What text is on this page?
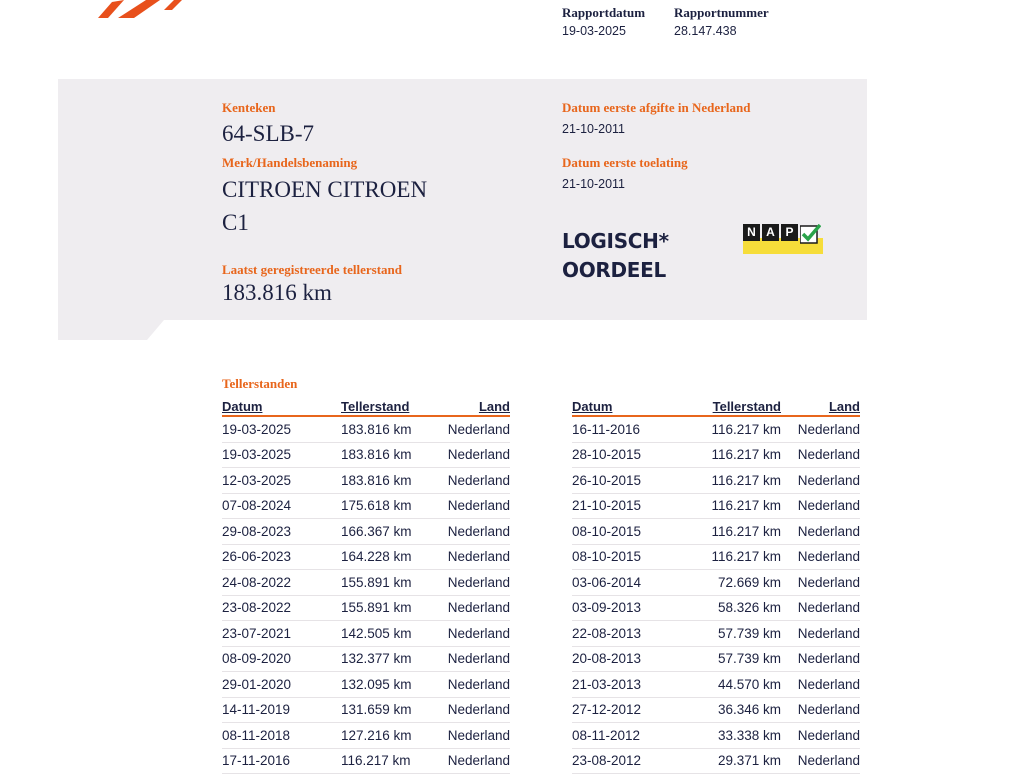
Rapportdatum
19-03-2025
Rapportnummer
28.147.438
Kenteken
64-SLB-7
Merk/Handelsbenaming
CITROEN CITROEN
C1
Laatst geregistreerde tellerstand
183.816 km
Datum eerste afgifte in Nederland
21-10-2011
Datum eerste toelating
21-10-2011
LOGISCH*
OORDEEL
N A P
Tellerstanden
Datum	Tellerstand	Land
19-03-2025	183.816 km	Nederland
19-03-2025	183.816 km	Nederland
12-03-2025	183.816 km	Nederland
07-08-2024	175.618 km	Nederland
29-08-2023	166.367 km	Nederland
26-06-2023	164.228 km	Nederland
24-08-2022	155.891 km	Nederland
23-08-2022	155.891 km	Nederland
23-07-2021	142.505 km	Nederland
08-09-2020	132.377 km	Nederland
29-01-2020	132.095 km	Nederland
14-11-2019	131.659 km	Nederland
08-11-2018	127.216 km	Nederland
17-11-2016	116.217 km	Nederland
Datum	Tellerstand	Land
16-11-2016	116.217 km	Nederland
28-10-2015	116.217 km	Nederland
26-10-2015	116.217 km	Nederland
21-10-2015	116.217 km	Nederland
08-10-2015	116.217 km	Nederland
08-10-2015	116.217 km	Nederland
03-06-2014	72.669 km	Nederland
03-09-2013	58.326 km	Nederland
22-08-2013	57.739 km	Nederland
20-08-2013	57.739 km	Nederland
21-03-2013	44.570 km	Nederland
27-12-2012	36.346 km	Nederland
08-11-2012	33.338 km	Nederland
23-08-2012	29.371 km	Nederland
